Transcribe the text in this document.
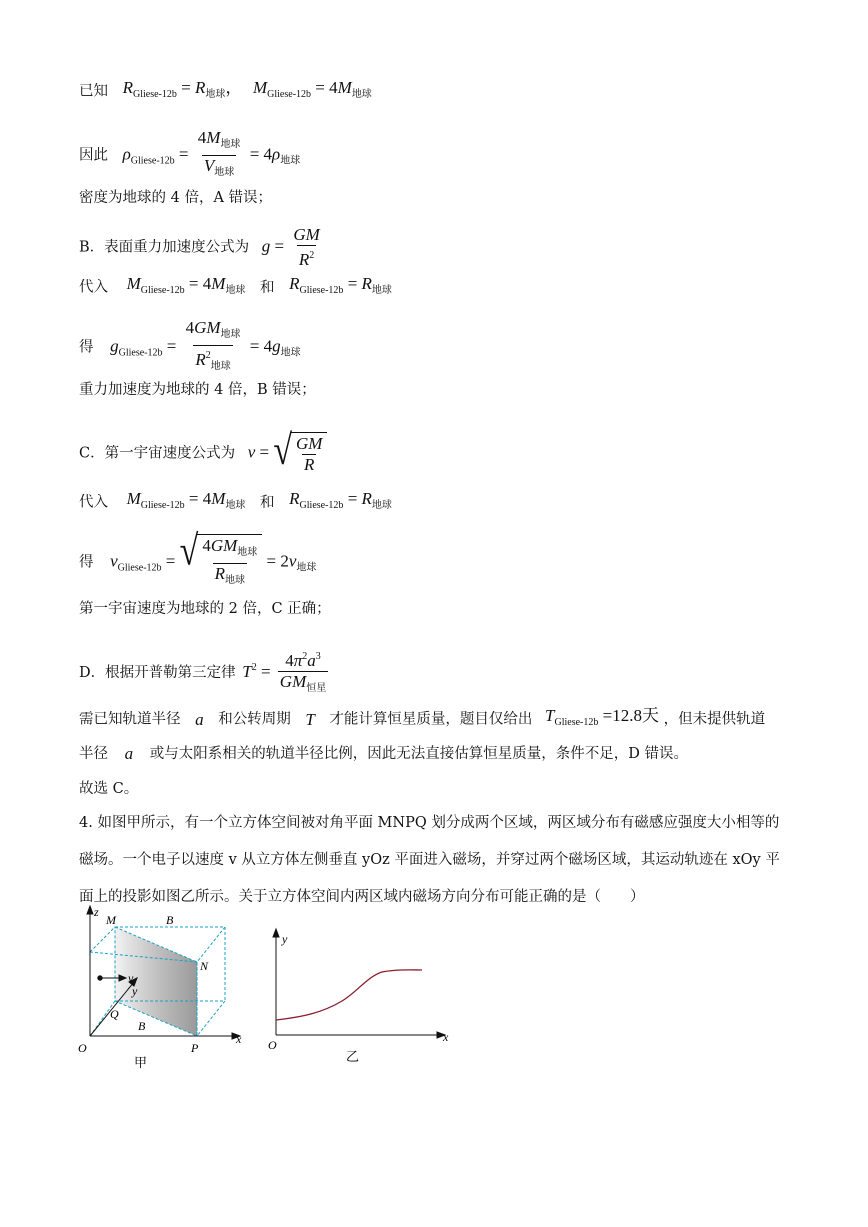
已知 $R_{Gliese-12b} = R_{地球}$， $M_{Gliese-12b} = 4M_{地球}$
因此 $\rho_{Gliese-12b} = \frac{4M_{地球}}{V_{地球}} = 4\rho_{地球}$
密度为地球的 4 倍，A 错误；
B．表面重力加速度公式为 $g = \frac{GM}{R^2}$
代入 $M_{Gliese-12b} = 4M_{地球}$ 和 $R_{Gliese-12b} = R_{地球}$
得 $g_{Gliese-12b} = \frac{4GM_{地球}}{R^2_{地球}} = 4g_{地球}$
重力加速度为地球的 4 倍，B 错误；
C．第一宇宙速度公式为 v = √ $\frac{GM}{R}$
代入 $M_{Gliese-12b} = 4M_{地球}$ 和 $R_{Gliese-12b} = R_{地球}$
得 $v_{Gliese-12b}$ = √ $\frac{4GM_{地球}}{R_{地球}} = 2v_{地球}$
第一宇宙速度为地球的 2 倍，C 正确；
D．根据开普勒第三定律 $T^2 = \frac{4\pi^2a^3}{GM_{恒星}}$
需已知轨道半径 a 和公转周期 T 才能计算恒星质量，题目仅给出 $T_{Gliese-12b} =12.8$天 ，但未提供轨道
半径 a 或与太阳系相关的轨道半径比例，因此无法直接估算恒星质量，条件不足，D 错误。
故选 C。
4. 如图甲所示，有一个立方体空间被对角平面 MNPQ 划分成两个区域，两区域分布有磁感应强度大小相等的磁场。一个电子以速度 v 从立方体左侧垂直 yOz 平面进入磁场，并穿过两个磁场区域，其运动轨迹在 xOy 平面上的投影如图乙所示。关于立方体空间内两区域内磁场方向分布可能正确的是（　　）
z
M	B
N
v
y
Q
B
O	P
x
甲
y
x
O
乙
